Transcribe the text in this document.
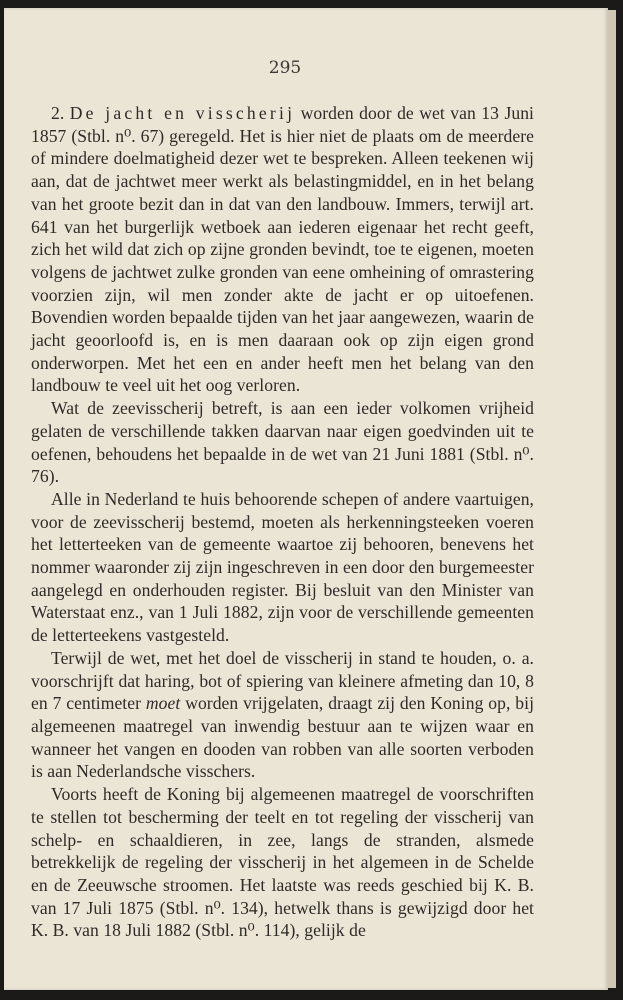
295

2. De jacht en visscherij worden door de wet van 13 Juni 1857 (Stbl. n⁰. 67) geregeld. Het is hier niet de plaats om de meerdere of mindere doelmatigheid dezer wet te bespreken. Alleen teekenen wij aan, dat de jachtwet meer werkt als belastingmiddel, en in het belang van het groote bezit dan in dat van den landbouw. Immers, terwijl art. 641 van het burgerlijk wetboek aan iederen eigenaar het recht geeft, zich het wild dat zich op zijne gronden bevindt, toe te eigenen, moeten volgens de jachtwet zulke gronden van eene omheining of omrastering voorzien zijn, wil men zonder akte de jacht er op uitoefenen. Bovendien worden bepaalde tijden van het jaar aangewezen, waarin de jacht geoorloofd is, en is men daaraan ook op zijn eigen grond onderworpen. Met het een en ander heeft men het belang van den landbouw te veel uit het oog verloren.

Wat de zeevisscherij betreft, is aan een ieder volkomen vrijheid gelaten de verschillende takken daarvan naar eigen goedvinden uit te oefenen, behoudens het bepaalde in de wet van 21 Juni 1881 (Stbl. n⁰. 76).

Alle in Nederland te huis behoorende schepen of andere vaartuigen, voor de zeevisscherij bestemd, moeten als herkenningsteeken voeren het letterteeken van de gemeente waartoe zij behooren, benevens het nommer waaronder zij zijn ingeschreven in een door den burgemeester aangelegd en onderhouden register. Bij besluit van den Minister van Waterstaat enz., van 1 Juli 1882, zijn voor de verschillende gemeenten de letterteekens vastgesteld.

Terwijl de wet, met het doel de visscherij in stand te houden, o. a. voorschrijft dat haring, bot of spiering van kleinere afmeting dan 10, 8 en 7 centimeter moet worden vrijgelaten, draagt zij den Koning op, bij algemeenen maatregel van inwendig bestuur aan te wijzen waar en wanneer het vangen en dooden van robben van alle soorten verboden is aan Nederlandsche visschers.

Voorts heeft de Koning bij algemeenen maatregel de voorschriften te stellen tot bescherming der teelt en tot regeling der visscherij van schelp- en schaaldieren, in zee, langs de stranden, alsmede betrekkelijk de regeling der visscherij in het algemeen in de Schelde en de Zeeuwsche stroomen. Het laatste was reeds geschied bij K. B. van 17 Juli 1875 (Stbl. n⁰. 134), hetwelk thans is gewijzigd door het K. B. van 18 Juli 1882 (Stbl. n⁰. 114), gelijk de
